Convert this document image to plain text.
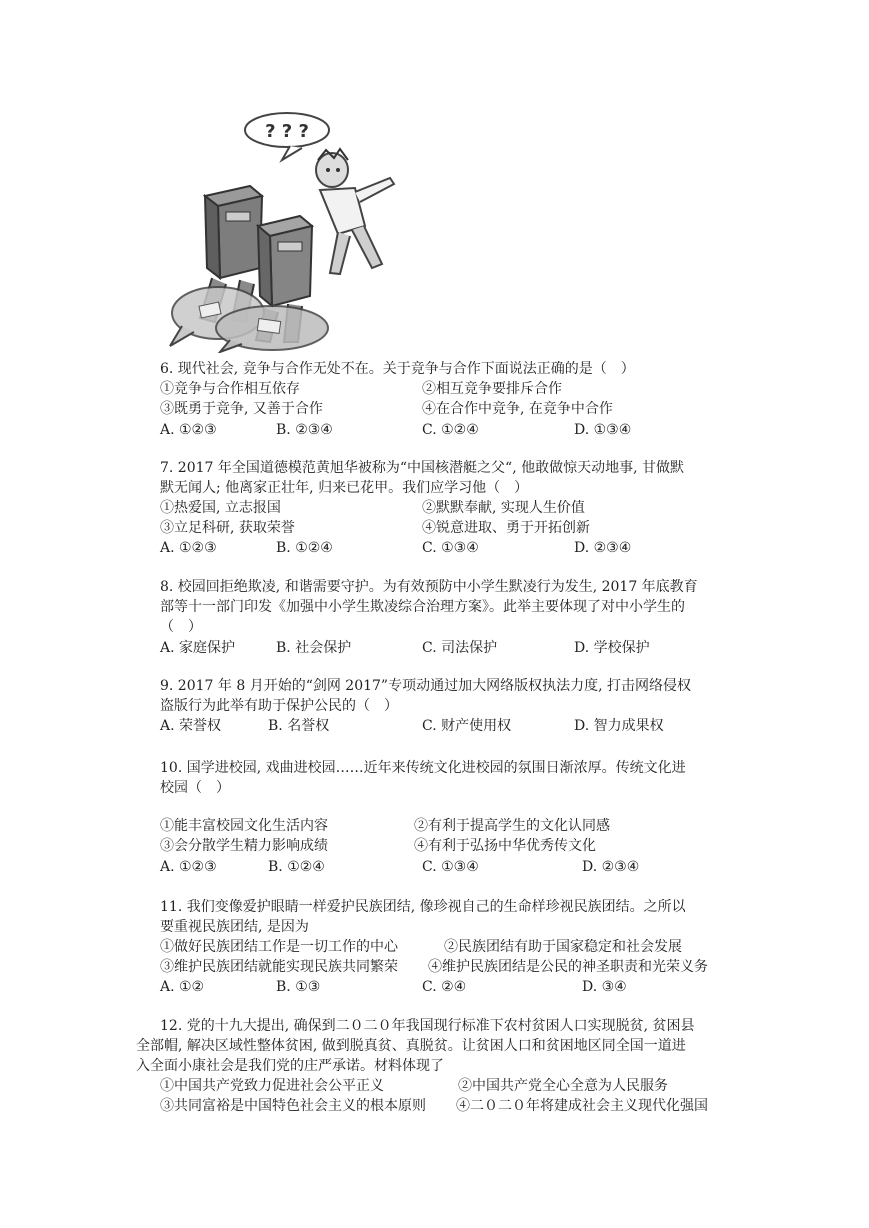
? ? ?
6. 现代社会, 竞争与合作无处不在。关于竞争与合作下面说法正确的是（　）
①竞争与合作相互依存	②相互竞争要排斥合作
③既勇于竞争, 又善于合作	④在合作中竞争, 在竞争中合作
A. ①②③	B. ②③④	C. ①②④	D. ①③④
7. 2017 年全国道德模范黄旭华被称为“中国核潜艇之父“, 他敢做惊天动地事, 甘做默
默无闻人; 他离家正壮年, 归来已花甲。我们应学习他（　）
①热爱国, 立志报国	②默默奉献, 实现人生价值
③立足科研, 获取荣誉	④锐意进取、勇于开拓创新
A. ①②③	B. ①②④	C. ①③④	D. ②③④
8. 校园回拒绝欺凌, 和谐需要守护。为有效预防中小学生默凌行为发生, 2017 年底教育
部等十一部门印发《加强中小学生欺凌综合治理方案》。此举主要体现了对中小学生的
（　）
A. 家庭保护	B. 社会保护	C. 司法保护	D. 学校保护
9. 2017 年 8 月开始的“剑网 2017”专项动通过加大网络版权执法力度, 打击网络侵权
盗版行为此举有助于保护公民的（　）
A. 荣誉权	B. 名誉权	C. 财产使用权	D. 智力成果权
10. 国学进校园, 戏曲进校园……近年来传统文化进校园的氛围日渐浓厚。传统文化进
校园（　）
①能丰富校园文化生活内容	②有利于提高学生的文化认同感
③会分散学生精力影响成绩	④有利于弘扬中华优秀传文化
A. ①②③	B. ①②④	C. ①③④	D. ②③④
11. 我们变像爱护眼睛一样爱护民族团结, 像珍视自己的生命样珍视民族团结。之所以
要重视民族团结, 是因为
①做好民族团结工作是一切工作的中心	②民族团结有助于国家稳定和社会发展
③维护民族团结就能实现民族共同繁荣 ④维护民族团结是公民的神圣职责和光荣义务
A. ①②	B. ①③	C. ②④	D. ③④
12. 党的十九大提出, 确保到二０二０年我国现行标准下农村贫困人口实现脱贫, 贫困县
全部帽, 解决区域性整体贫困, 做到脱真贫、真脱贫。让贫困人口和贫困地区同全国一道进
入全面小康社会是我们党的庄严承诺。材料体现了
①中国共产党致力促进社会公平正义	②中国共产党全心全意为人民服务
③共同富裕是中国特色社会主义的根本原则 ④二０二０年将建成社会主义现代化强国
